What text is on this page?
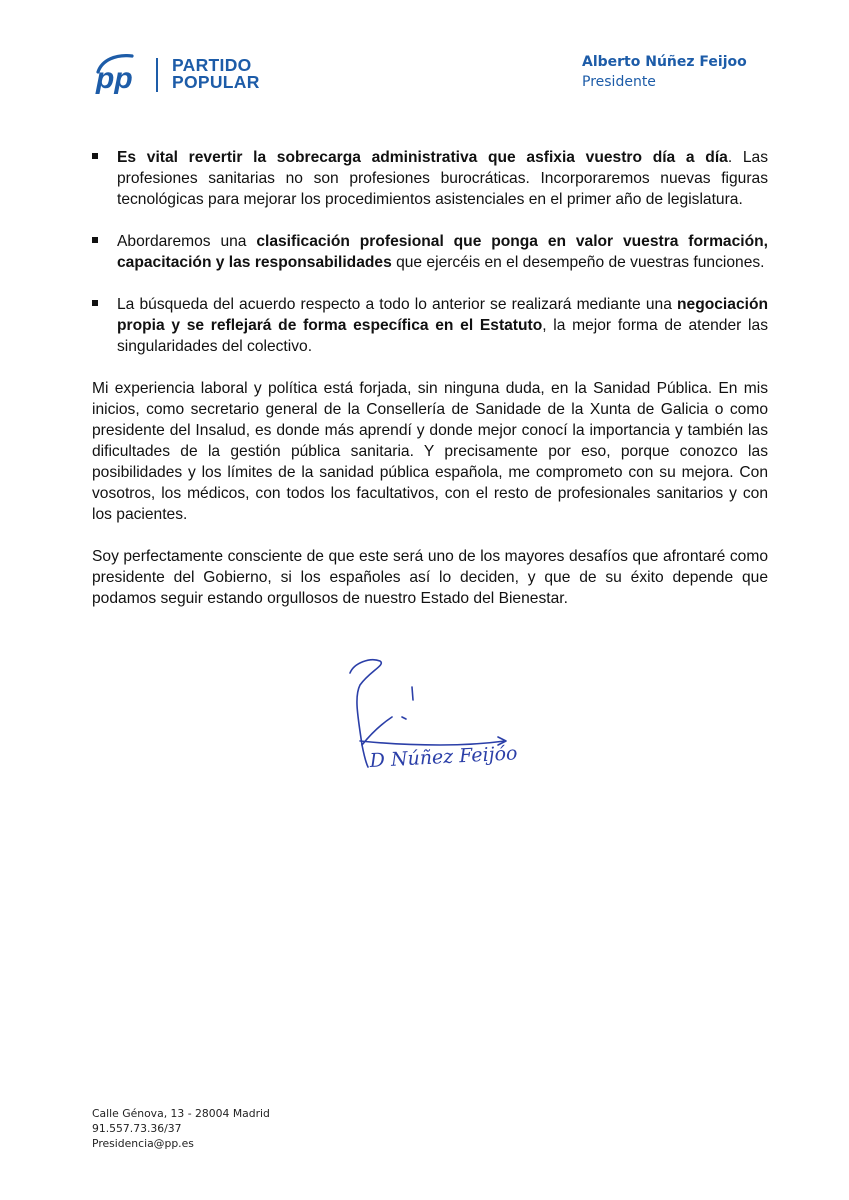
pp PARTIDO
POPULAR
Alberto Núñez Feijoo
Presidente
Es vital revertir la sobrecarga administrativa que asfixia vuestro día a día. Las profesiones sanitarias no son profesiones burocráticas. Incorporaremos nuevas figuras tecnológicas para mejorar los procedimientos asistenciales en el primer año de legislatura.
Abordaremos una clasificación profesional que ponga en valor vuestra formación, capacitación y las responsabilidades que ejercéis en el desempeño de vuestras funciones.
La búsqueda del acuerdo respecto a todo lo anterior se realizará mediante una negociación propia y se reflejará de forma específica en el Estatuto, la mejor forma de atender las singularidades del colectivo.

Mi experiencia laboral y política está forjada, sin ninguna duda, en la Sanidad Pública. En mis inicios, como secretario general de la Consellería de Sanidade de la Xunta de Galicia o como presidente del Insalud, es donde más aprendí y donde mejor conocí la importancia y también las dificultades de la gestión pública sanitaria. Y precisamente por eso, porque conozco las posibilidades y los límites de la sanidad pública española, me comprometo con su mejora. Con vosotros, los médicos, con todos los facultativos, con el resto de profesionales sanitarios y con los pacientes.

Soy perfectamente consciente de que este será uno de los mayores desafíos que afrontaré como presidente del Gobierno, si los españoles así lo deciden, y que de su éxito depende que podamos seguir estando orgullosos de nuestro Estado del Bienestar.

D Núñez Feijóo
Calle Génova, 13 - 28004 Madrid
91.557.73.36/37
Presidencia@pp.es
